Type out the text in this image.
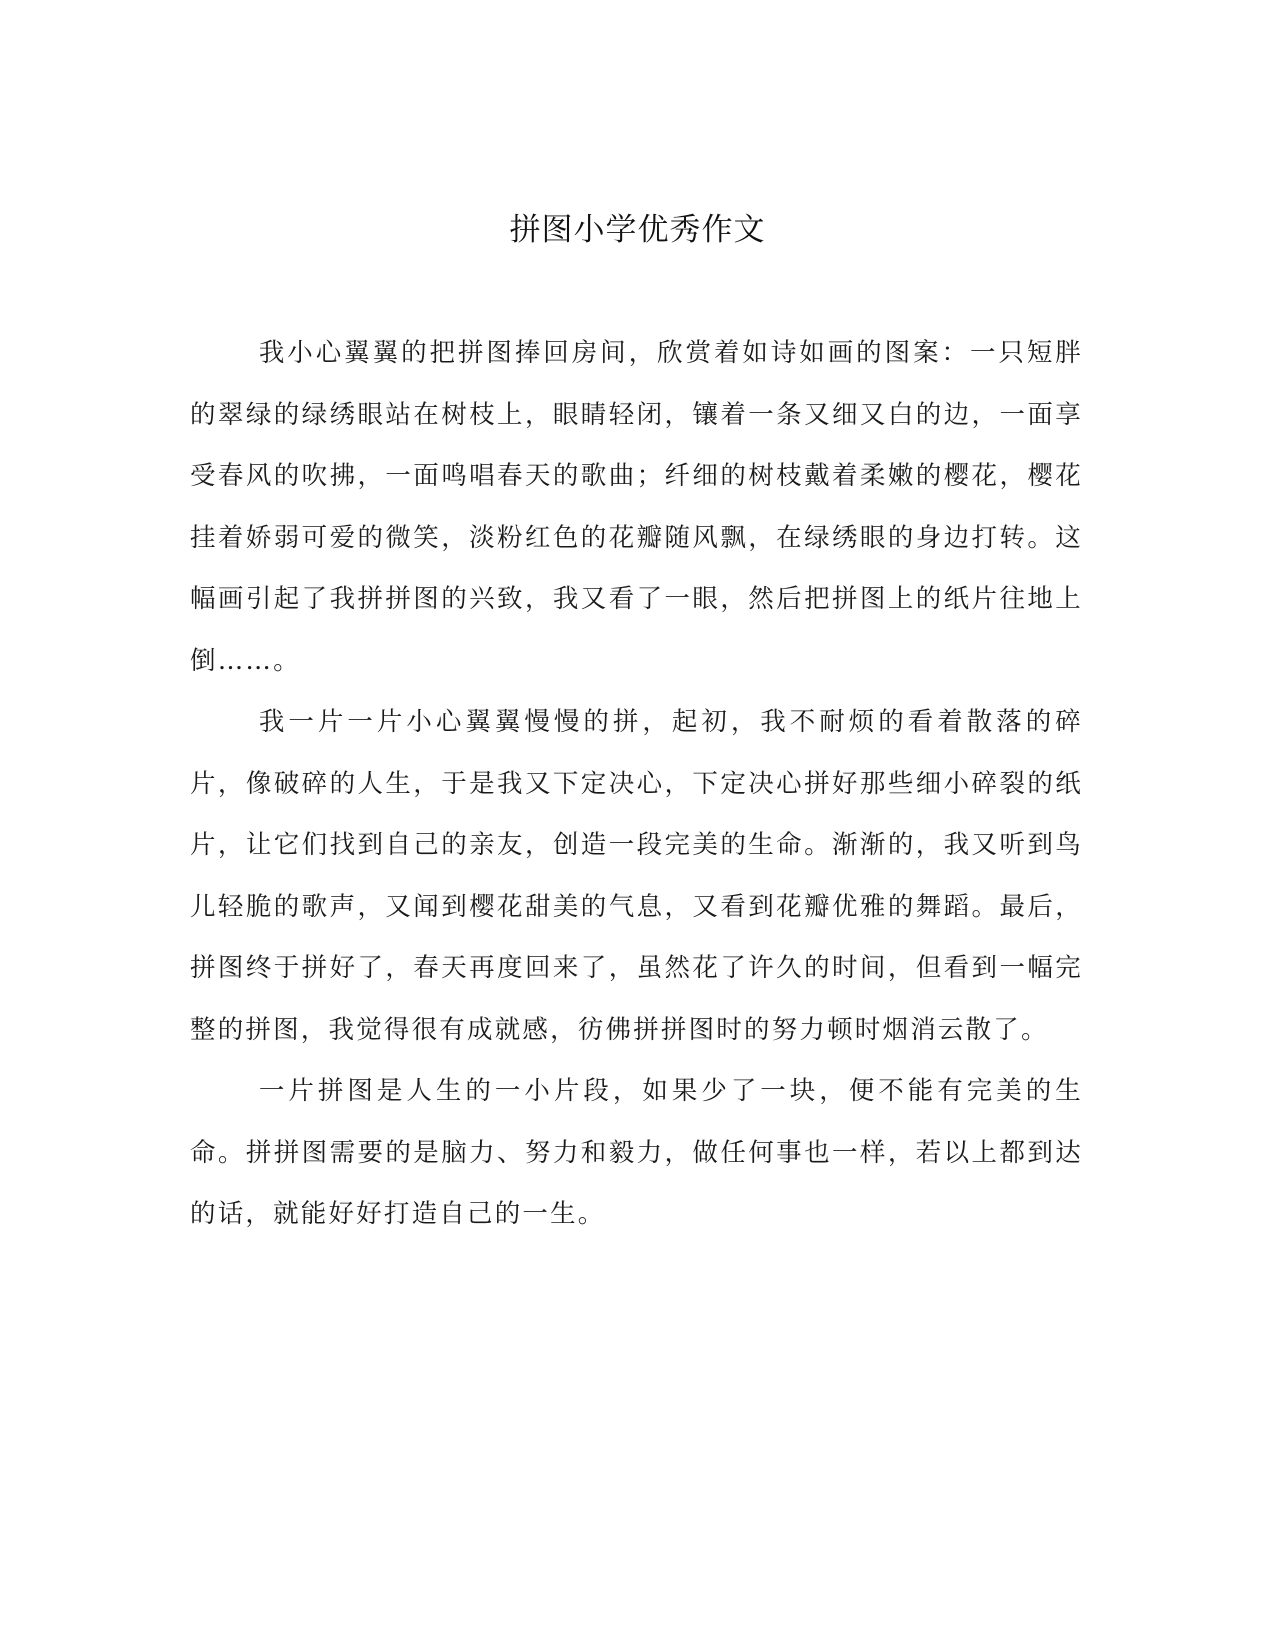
拼图小学优秀作文

我小心翼翼的把拼图捧回房间，欣赏着如诗如画的图案：一只短胖的翠绿的绿绣眼站在树枝上，眼睛轻闭，镶着一条又细又白的边，一面享受春风的吹拂，一面鸣唱春天的歌曲；纤细的树枝戴着柔嫩的樱花，樱花挂着娇弱可爱的微笑，淡粉红色的花瓣随风飘，在绿绣眼的身边打转。这幅画引起了我拼拼图的兴致，我又看了一眼，然后把拼图上的纸片往地上倒……。

我一片一片小心翼翼慢慢的拼，起初，我不耐烦的看着散落的碎片，像破碎的人生，于是我又下定决心，下定决心拼好那些细小碎裂的纸片，让它们找到自己的亲友，创造一段完美的生命。渐渐的，我又听到鸟儿轻脆的歌声，又闻到樱花甜美的气息，又看到花瓣优雅的舞蹈。最后，拼图终于拼好了，春天再度回来了，虽然花了许久的时间，但看到一幅完整的拼图，我觉得很有成就感，彷佛拼拼图时的努力顿时烟消云散了。

一片拼图是人生的一小片段，如果少了一块，便不能有完美的生命。拼拼图需要的是脑力、努力和毅力，做任何事也一样，若以上都到达的话，就能好好打造自己的一生。
